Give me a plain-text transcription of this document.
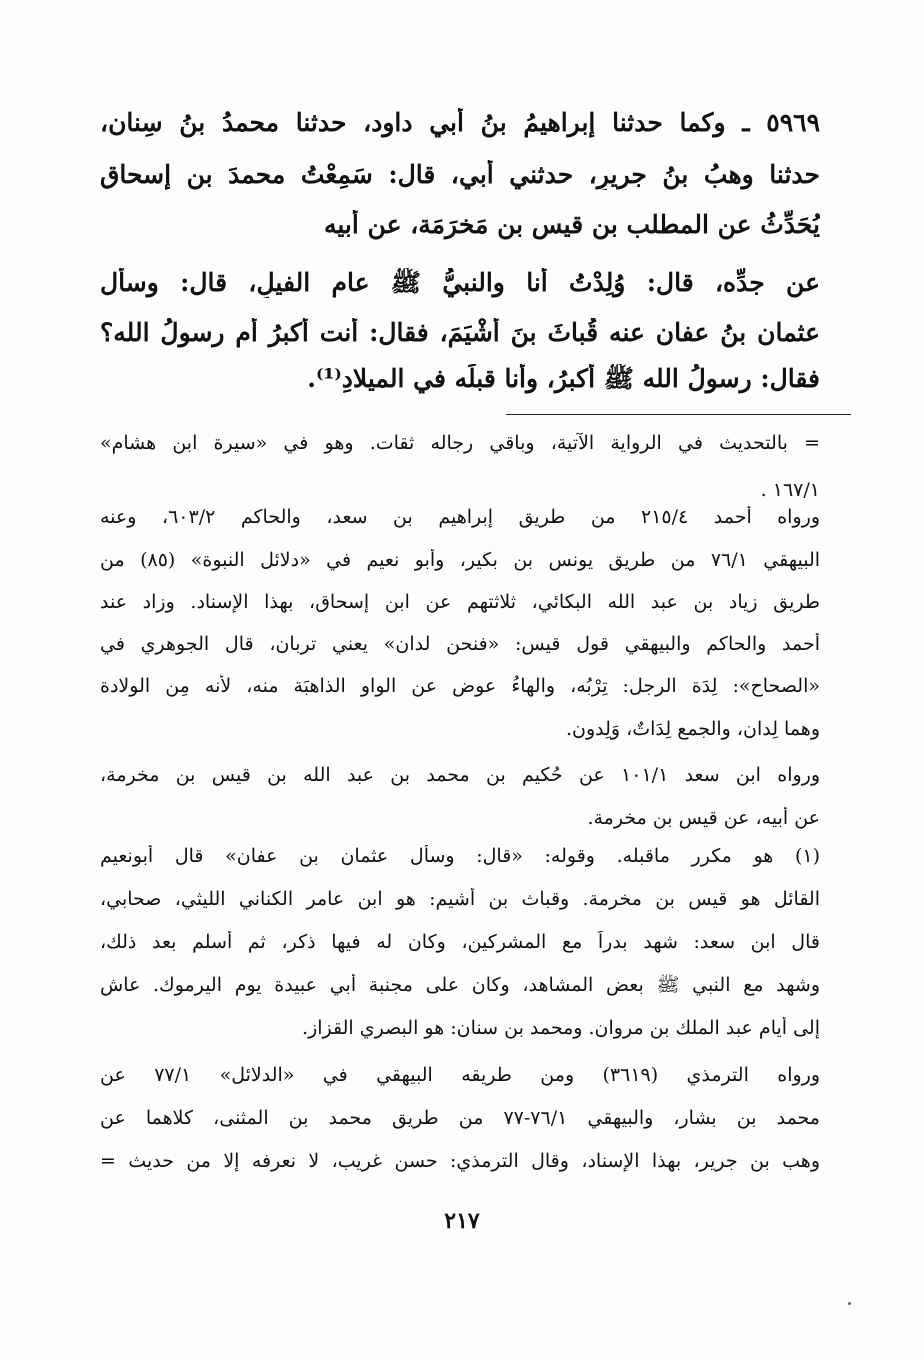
٥٩٦٩ ـ وكما حدثنا إبراهيمُ بنُ أبي داود، حدثنا محمدُ بنُ سِنان،
حدثنا وهبُ بنُ جريرٍ، حدثني أبي، قال: سَمِعْتُ محمدَ بن إسحاق
يُحَدِّثُ عن المطلب بن قيس بن مَخرَمَة، عن أبيه
عن جدِّه، قال: وُلِدْتُ أنا والنبيُّ ﷺ عام الفيلِ، قال: وسأل
عثمان بنُ عفان عنه قُباثَ بنَ أَشْيَمَ، فقال: أنت أكبرُ أم رسولُ الله؟
فقال: رسولُ الله ﷺ أكبرُ، وأنا قبلَه في الميلادِ⁽¹⁾.
= بالتحديث في الرواية الآتية، وباقي رجاله ثقات. وهو في «سيرة ابن هشام»
١٦٧/١ .
ورواه أحمد ٢١٥/٤ من طريق إبراهيم بن سعد، والحاكم ٦٠٣/٢، وعنه
البيهقي ٧٦/١ من طريق يونس بن بكير، وأبو نعيم في «دلائل النبوة» (٨٥) من
طريق زياد بن عبد الله البكائي، ثلاثتهم عن ابن إسحاق، بهذا الإسناد. وزاد عند
أحمد والحاكم والبيهقي قول قيس: «فنحن لدان» يعني تربان، قال الجوهري في
«الصحاح»: لِدَة الرجل: تِرْبُه، والهاءُ عوض عن الواو الذاهبَة منه، لأنه مِن الولادة
وهما لِدان، والجمع لِدَاتٌ، وَلِدون.
ورواه ابن سعد ١٠١/١ عن حُكيم بن محمد بن عبد الله بن قيس بن مخرمة،
عن أبيه، عن قيس بن مخرمة.
(١) هو مكرر ماقبله. وقوله: «قال: وسأل عثمان بن عفان» قال أبونعيم
القائل هو قيس بن مخرمة. وقباث بن أشيم: هو ابن عامر الكناني الليثي، صحابي،
قال ابن سعد: شهد بدراً مع المشركين، وكان له فيها ذكر، ثم أسلم بعد ذلك،
وشهد مع النبي ﷺ بعض المشاهد، وكان على مجنبة أبي عبيدة يوم اليرموك. عاش
إلى أيام عبد الملك بن مروان. ومحمد بن سنان: هو البصري القزاز.
ورواه الترمذي (٣٦١٩) ومن طريقه البيهقي في «الدلائل» ٧٧/١ عن
محمد بن بشار، والبيهقي ٧٦/١-٧٧ من طريق محمد بن المثنى، كلاهما عن
وهب بن جرير، بهذا الإسناد، وقال الترمذي: حسن غريب، لا نعرفه إلا من حديث =
٢١٧
